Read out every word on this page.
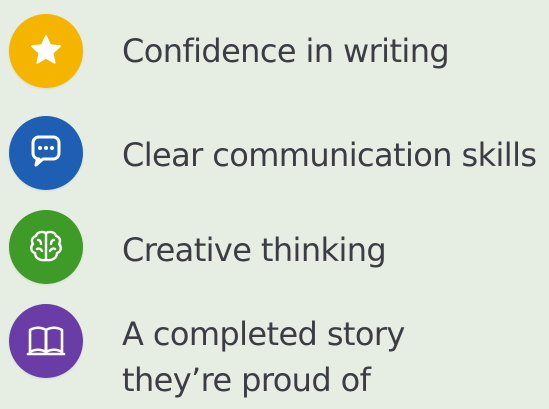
Confidence in writing
Clear communication skills
Creative thinking
A completed story
they’re proud of
